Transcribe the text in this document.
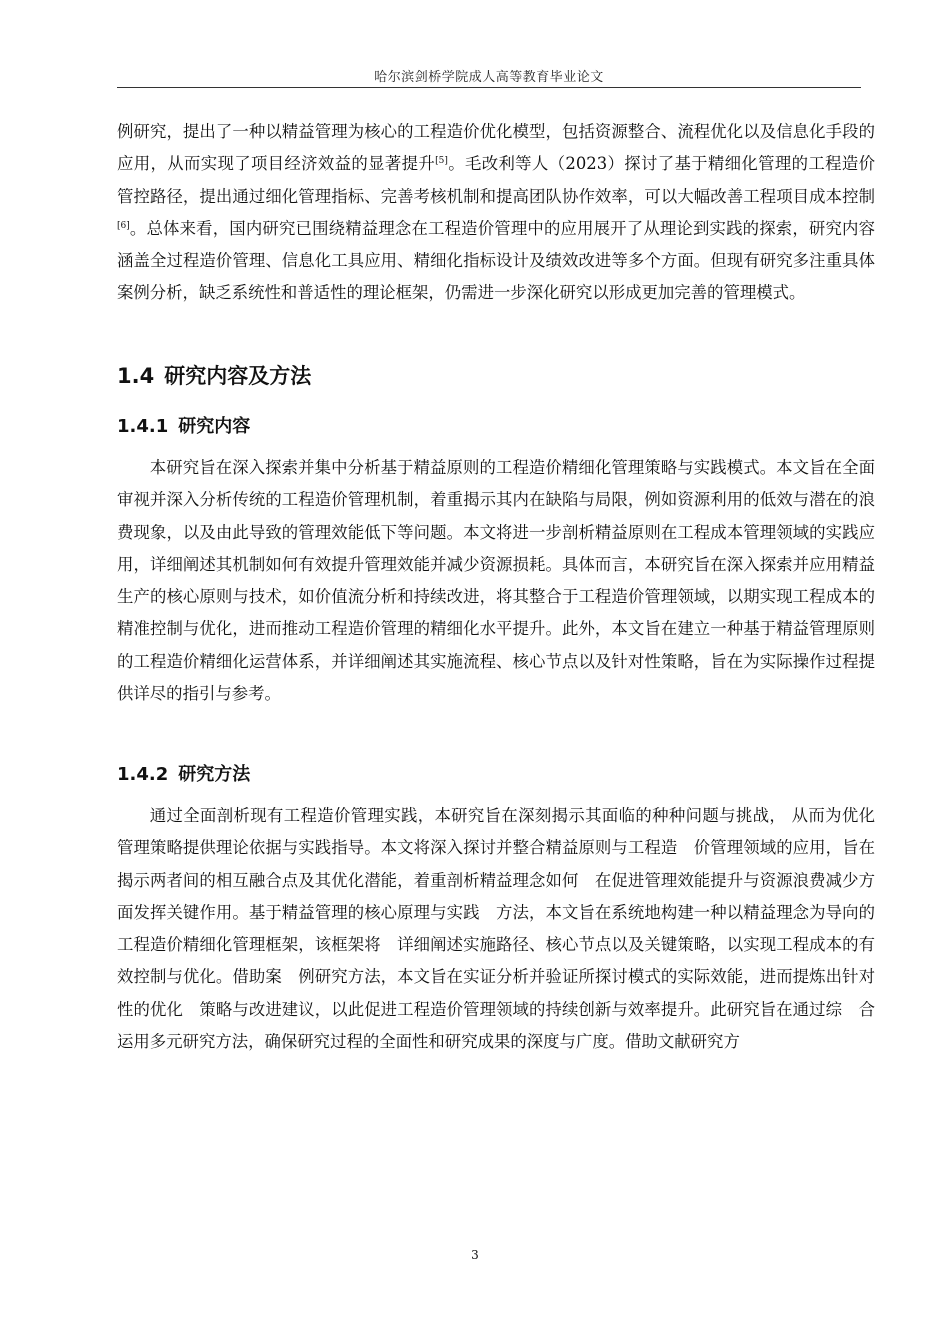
哈尔滨剑桥学院成人高等教育毕业论文

例研究，提出了一种以精益管理为核心的工程造价优化模型，包括资源整合、流程优化以及信息化手段的应用，从而实现了项目经济效益的显著提升[5]。毛改利等人（2023）探讨了基于精细化管理的工程造价管控路径，提出通过细化管理指标、完善考核机制和提高团队协作效率，可以大幅改善工程项目成本控制[6]。总体来看，国内研究已围绕精益理念在工程造价管理中的应用展开了从理论到实践的探索，研究内容涵盖全过程造价管理、信息化工具应用、精细化指标设计及绩效改进等多个方面。但现有研究多注重具体案例分析，缺乏系统性和普适性的理论框架，仍需进一步深化研究以形成更加完善的管理模式。

1.4 研究内容及方法
1.4.1 研究内容

本研究旨在深入探索并集中分析基于精益原则的工程造价精细化管理策略与实践模式。本文旨在全面审视并深入分析传统的工程造价管理机制，着重揭示其内在缺陷与局限，例如资源利用的低效与潜在的浪费现象，以及由此导致的管理效能低下等问题。本文将进一步剖析精益原则在工程成本管理领域的实践应用，详细阐述其机制如何有效提升管理效能并减少资源损耗。具体而言，本研究旨在深入探索并应用精益生产的核心原则与技术，如价值流分析和持续改进，将其整合于工程造价管理领域，以期实现工程成本的精准控制与优化，进而推动工程造价管理的精细化水平提升。此外，本文旨在建立一种基于精益管理原则的工程造价精细化运营体系，并详细阐述其实施流程、核心节点以及针对性策略，旨在为实际操作过程提供详尽的指引与参考。

1.4.2 研究方法

通过全面剖析现有工程造价管理实践，本研究旨在深刻揭示其面临的种种问题与挑战， 从而为优化管理策略提供理论依据与实践指导。本文将深入探讨并整合精益原则与工程造　价管理领域的应用，旨在揭示两者间的相互融合点及其优化潜能，着重剖析精益理念如何　在促进管理效能提升与资源浪费减少方面发挥关键作用。基于精益管理的核心原理与实践　方法，本文旨在系统地构建一种以精益理念为导向的工程造价精细化管理框架，该框架将　详细阐述实施路径、核心节点以及关键策略，以实现工程成本的有效控制与优化。借助案　例研究方法，本文旨在实证分析并验证所探讨模式的实际效能，进而提炼出针对性的优化　策略与改进建议，以此促进工程造价管理领域的持续创新与效率提升。此研究旨在通过综　合运用多元研究方法，确保研究过程的全面性和研究成果的深度与广度。借助文献研究方

3
